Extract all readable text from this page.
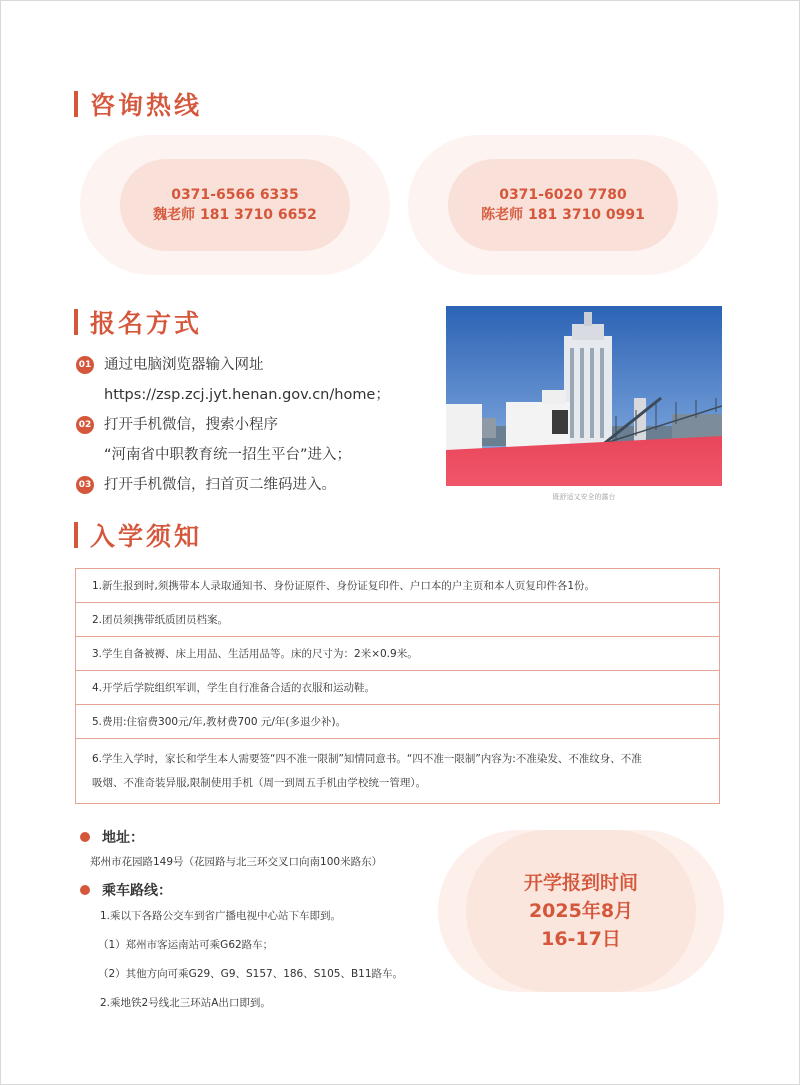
咨询热线
0371-6566 6335
魏老师 181 3710 6652
0371-6020 7780
陈老师 181 3710 0991
报名方式
01 通过电脑浏览器输入网址
https://zsp.zcj.jyt.henan.gov.cn/home；
02 打开手机微信，搜索小程序
“河南省中职教育统一招生平台”进入；
03 打开手机微信，扫首页二维码进入。
既舒适又安全的露台
入学须知
1.新生报到时,须携带本人录取通知书、身份证原件、身份证复印件、户口本的户主页和本人页复印件各1份。
2.团员须携带纸质团员档案。
3.学生自备被褥、床上用品、生活用品等。床的尺寸为：2米×0.9米。
4.开学后学院组织军训，学生自行准备合适的衣服和运动鞋。
5.费用:住宿费300元/年,教材费700 元/年(多退少补)。
6.学生入学时，家长和学生本人需要签“四不准一限制”知情同意书。“四不准一限制”内容为:不准染发、不准纹身、不准
吸烟、不准奇装异服,限制使用手机（周一到周五手机由学校统一管理）。
地址：
郑州市花园路149号（花园路与北三环交叉口向南100米路东）
乘车路线：
1.乘以下各路公交车到省广播电视中心站下车即到。
（1）郑州市客运南站可乘G62路车；
（2）其他方向可乘G29、G9、S157、186、S105、B11路车。
2.乘地铁2号线北三环站A出口即到。
开学报到时间
2025年8月
16-17日
